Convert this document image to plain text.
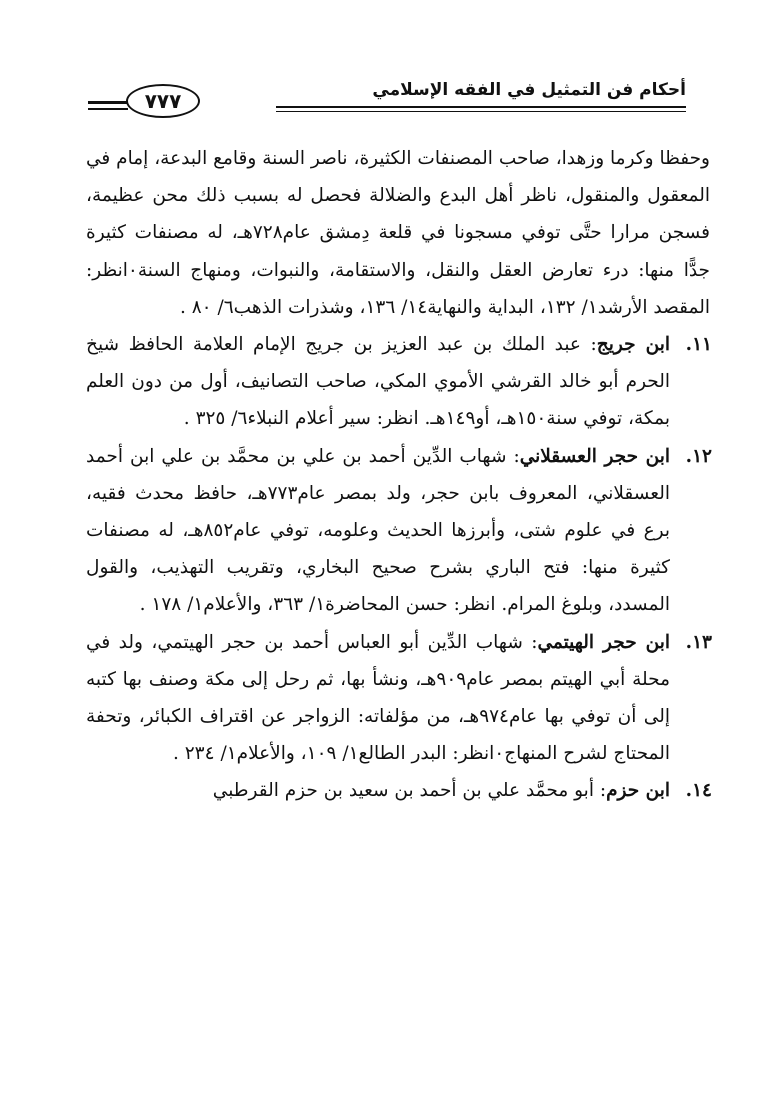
٧٧٧	أحكام فن التمثيل في الفقه الإسلامي

وحفظا وكرما وزهدا، صاحب المصنفات الكثيرة، ناصر السنة وقامع البدعة، إمام في المعقول والمنقول، ناظر أهل البدع والضلالة فحصل له بسبب ذلك محن عظيمة، فسجن مرارا حتَّى توفي مسجونا في قلعة دِمشق عام٧٢٨هـ، له مصنفات كثيرة جدًّا منها: درء تعارض العقل والنقل، والاستقامة، والنبوات، ومنهاج السنة٠انظر: المقصد الأرشد١/ ١٣٢، البداية والنهاية١٤/ ١٣٦، وشذرات الذهب٦/ ٨٠ .

١١.
ابن جريج: عبد الملك بن عبد العزيز بن جريج الإمام العلامة الحافظ شيخ الحرم أبو خالد القرشي الأموي المكي، صاحب التصانيف، أول من دون العلم بمكة، توفي سنة١٥٠هـ، أو١٤٩هـ. انظر: سير أعلام النبلاء٦/ ٣٢٥ .

١٢.
ابن حجر العسقلاني: شهاب الدِّين أحمد بن علي بن محمَّد بن علي ابن أحمد العسقلاني، المعروف بابن حجر، ولد بمصر عام٧٧٣هـ، حافظ محدث فقيه، برع في علوم شتى، وأبرزها الحديث وعلومه، توفي عام٨٥٢هـ، له مصنفات كثيرة منها: فتح الباري بشرح صحيح البخاري، وتقريب التهذيب، والقول المسدد، وبلوغ المرام. انظر: حسن المحاضرة١/ ٣٦٣، والأعلام١/ ١٧٨ .

١٣.
ابن حجر الهيتمي: شهاب الدِّين أبو العباس أحمد بن حجر الهيتمي، ولد في محلة أبي الهيتم بمصر عام٩٠٩هـ، ونشأ بها، ثم رحل إلى مكة وصنف بها كتبه إلى أن توفي بها عام٩٧٤هـ، من مؤلفاته: الزواجر عن اقتراف الكبائر، وتحفة المحتاج لشرح المنهاج٠انظر: البدر الطالع١/ ١٠٩، والأعلام١/ ٢٣٤ .

١٤.
ابن حزم: أبو محمَّد علي بن أحمد بن سعيد بن حزم القرطبي
